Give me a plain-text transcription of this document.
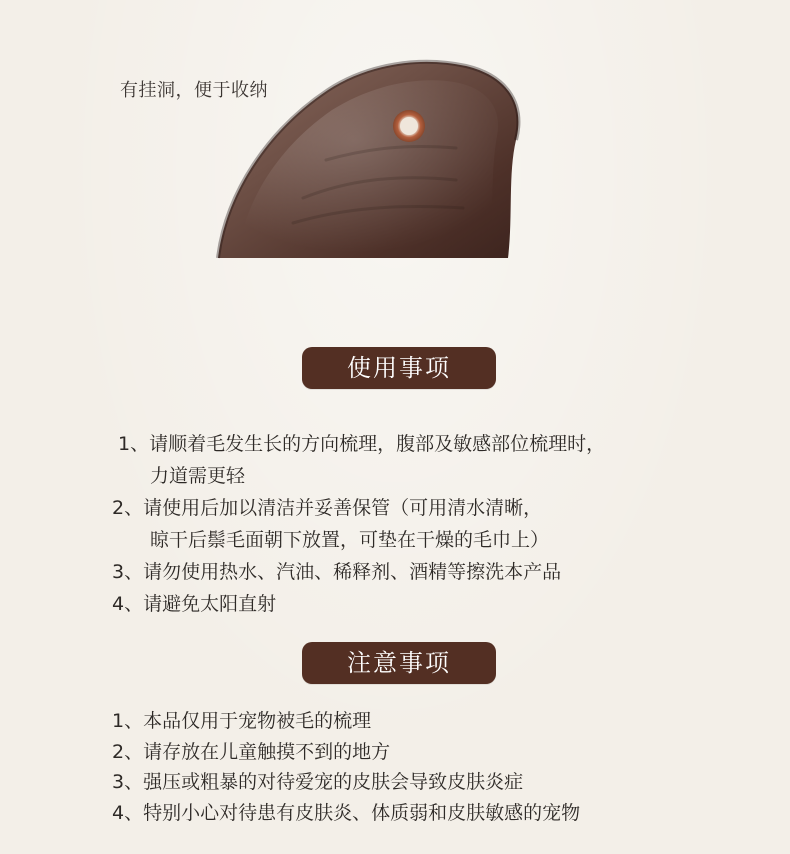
有挂洞，便于收纳
使用事项
1、请顺着毛发生长的方向梳理，腹部及敏感部位梳理时，
力道需更轻
2、请使用后加以清洁并妥善保管（可用清水清晰，
晾干后鬃毛面朝下放置，可垫在干燥的毛巾上）
3、请勿使用热水、汽油、稀释剂、酒精等擦洗本产品
4、请避免太阳直射
注意事项
1、本品仅用于宠物被毛的梳理
2、请存放在儿童触摸不到的地方
3、强压或粗暴的对待爱宠的皮肤会导致皮肤炎症
4、特别小心对待患有皮肤炎、体质弱和皮肤敏感的宠物
